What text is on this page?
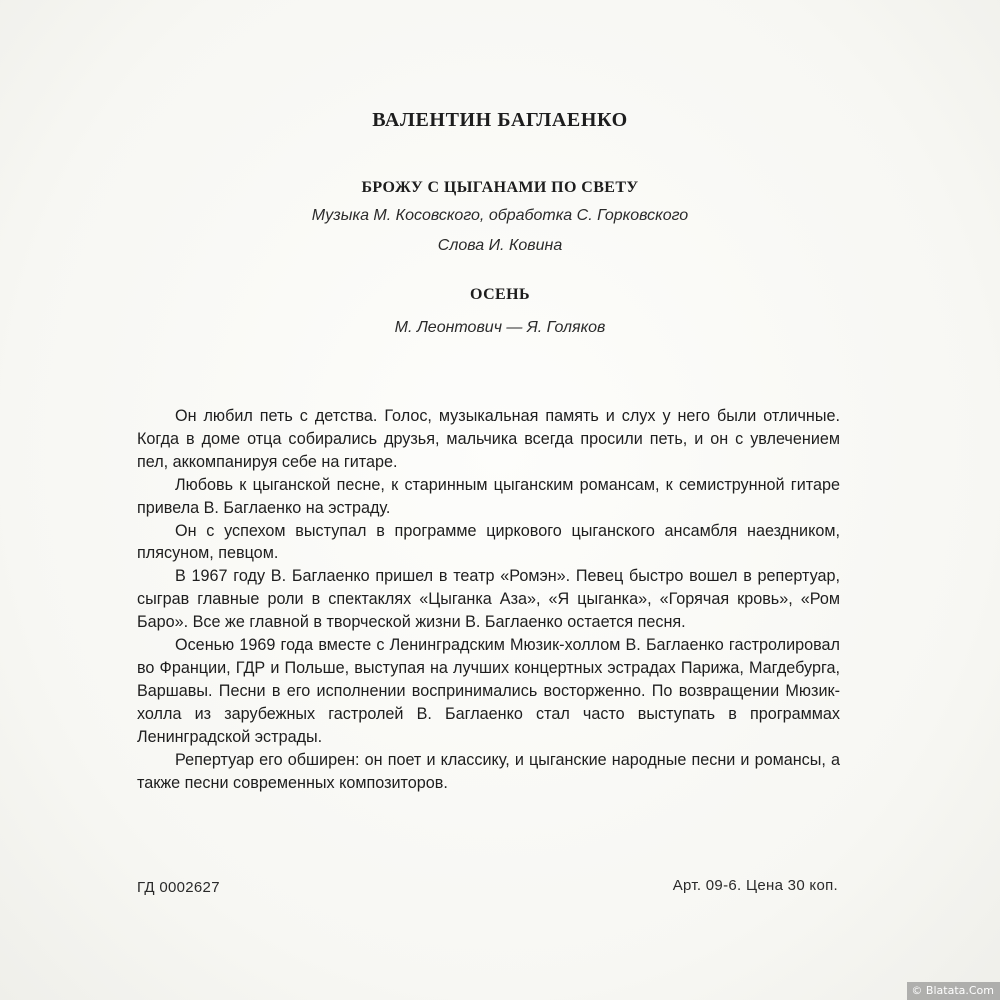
ВАЛЕНТИН БАГЛАЕНКО
БРОЖУ С ЦЫГАНАМИ ПО СВЕТУ
Музыка М. Косовского, обработка С. Горковского
Слова И. Ковина
ОСЕНЬ
М. Леонтович — Я. Голяков

Он любил петь с детства. Голос, музыкальная память и слух у него были отличные. Когда в доме отца собирались друзья, мальчика всегда просили петь, и он с увлечением пел, аккомпанируя себе на гитаре.

Любовь к цыганской песне, к старинным цыганским романсам, к семиструнной гитаре привела В. Баглаенко на эстраду.

Он с успехом выступал в программе циркового цыганского ансамбля наездником, плясуном, певцом.

В 1967 году В. Баглаенко пришел в театр «Ромэн». Певец быстро вошел в репертуар, сыграв главные роли в спектаклях «Цыганка Аза», «Я цыганка», «Горячая кровь», «Ром Баро». Все же главной в творческой жизни В. Баглаенко остается песня.

Осенью 1969 года вместе с Ленинградским Мюзик-холлом В. Баглаенко гастролировал во Франции, ГДР и Польше, выступая на лучших концертных эстрадах Парижа, Магдебурга, Варшавы. Песни в его исполнении воспринимались восторженно. По возвращении Мюзик-холла из зарубежных гастролей В. Баглаенко стал часто выступать в программах Ленинградской эстрады.

Репертуар его обширен: он поет и классику, и цыганские народные песни и романсы, а также песни современных композиторов.

ГД 0002627	Арт. 09-6. Цена 30 коп.
© Blatata.Com
